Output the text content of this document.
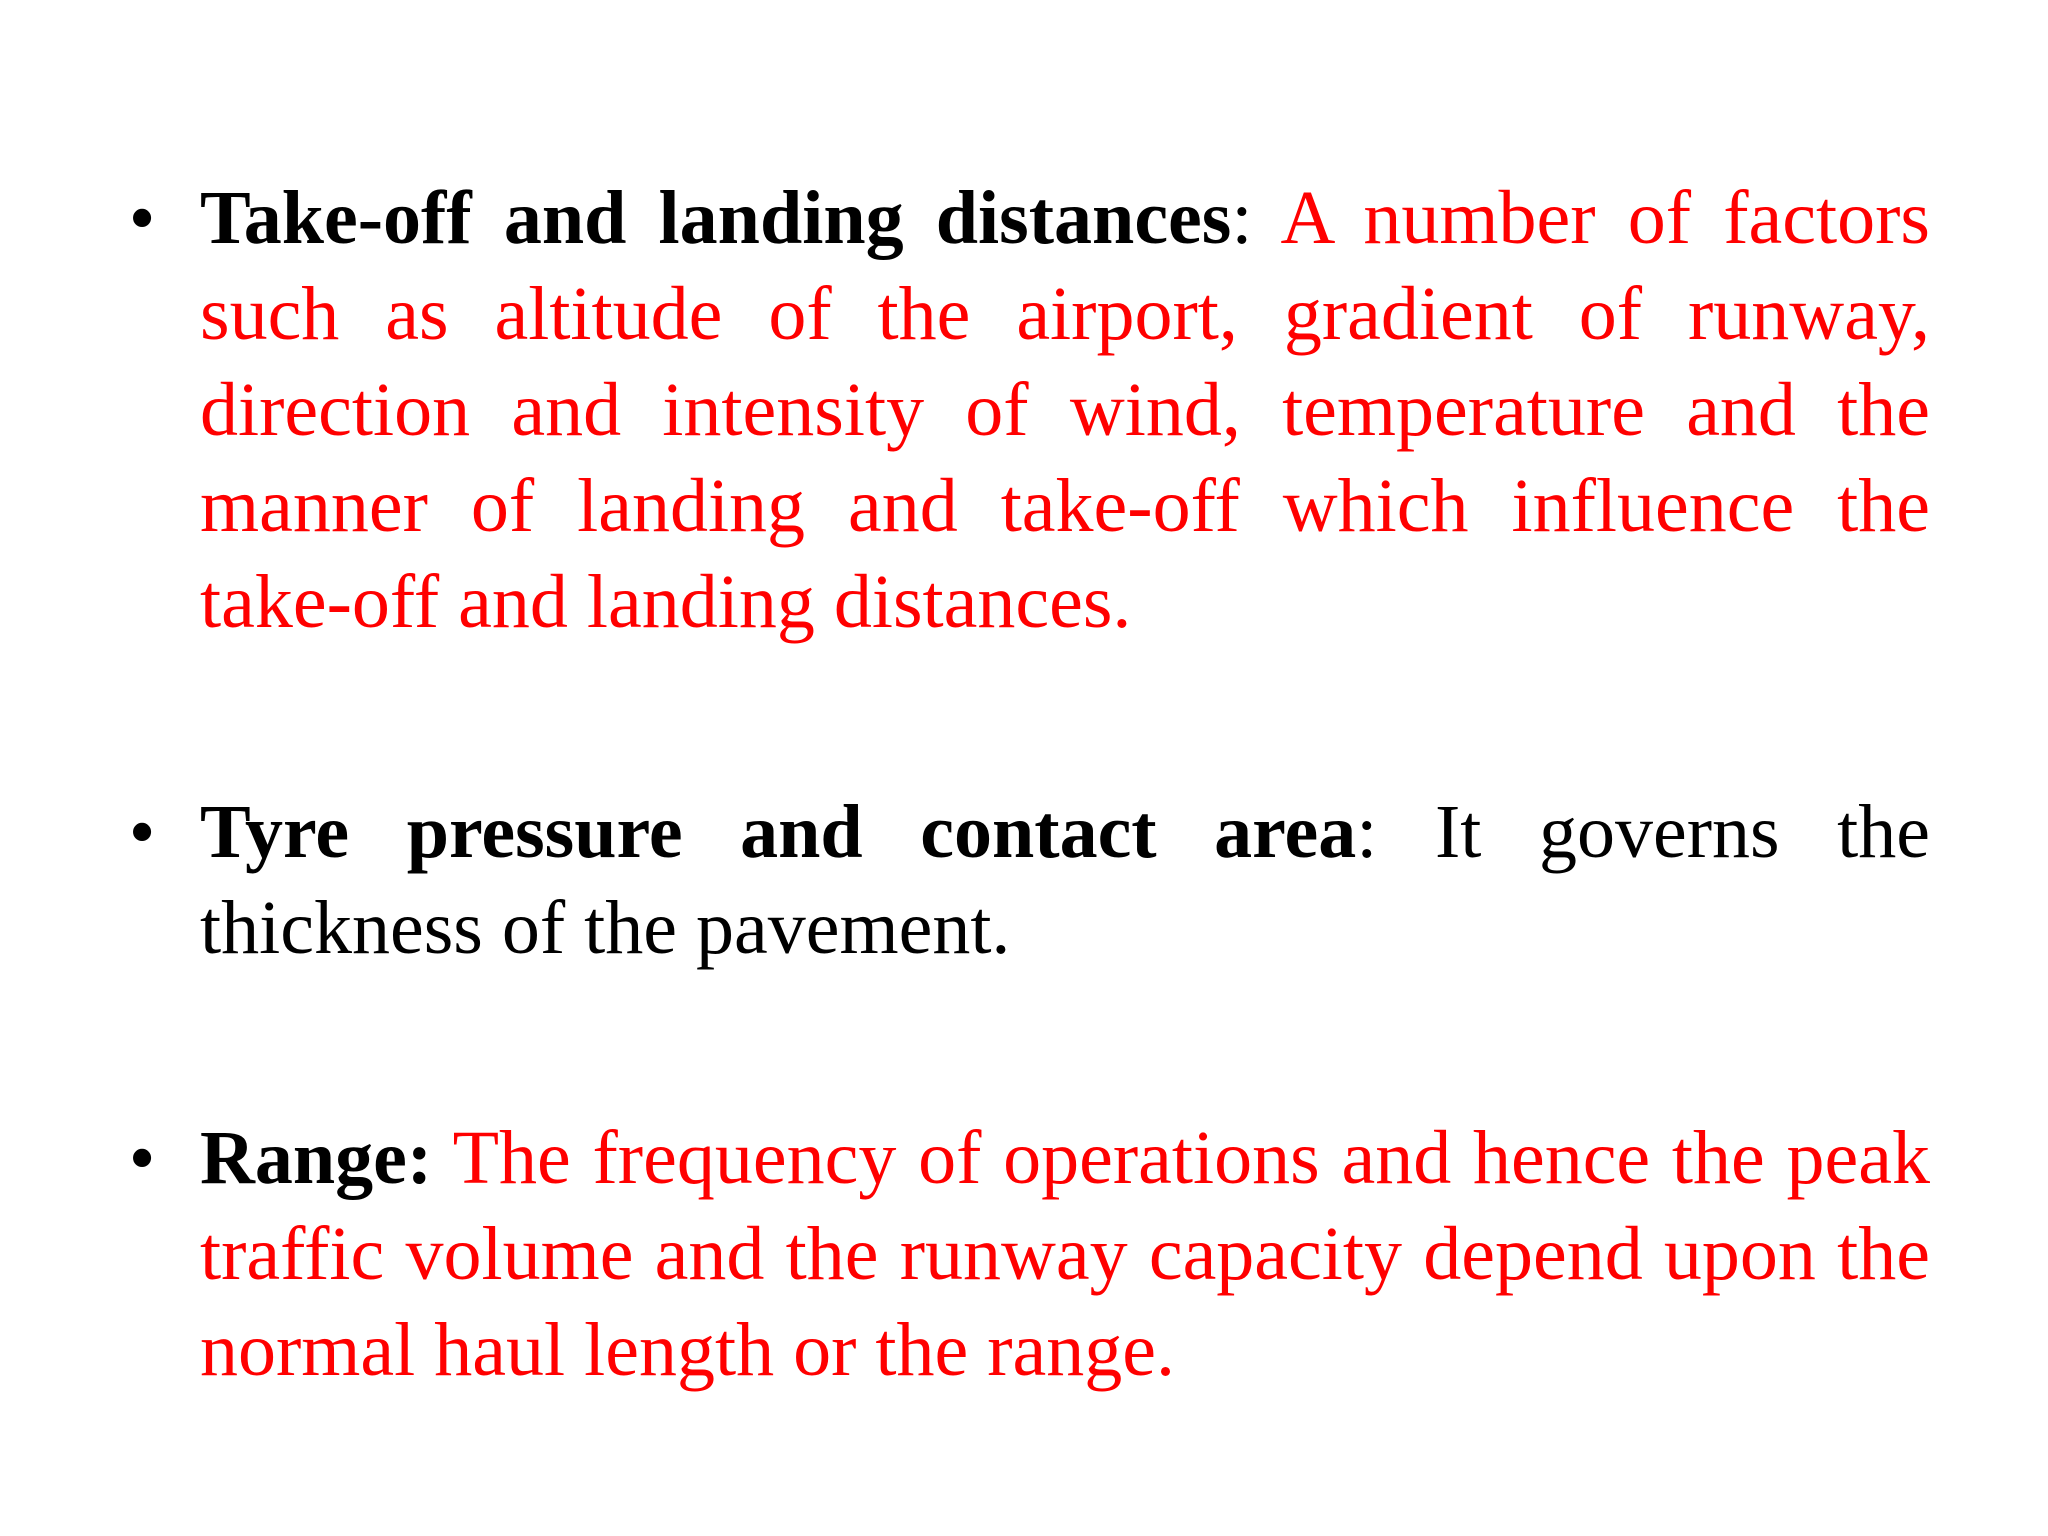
• Take-off and landing distances: A number of factors such as altitude of the airport, gradient of runway, direction and intensity of wind, temperature and the manner of landing and take-off which influence the take-off and landing distances.
• Tyre pressure and contact area: It governs the thickness of the pavement.
• Range: The frequency of operations and hence the peak traffic volume and the runway capacity depend upon the normal haul length or the range.
